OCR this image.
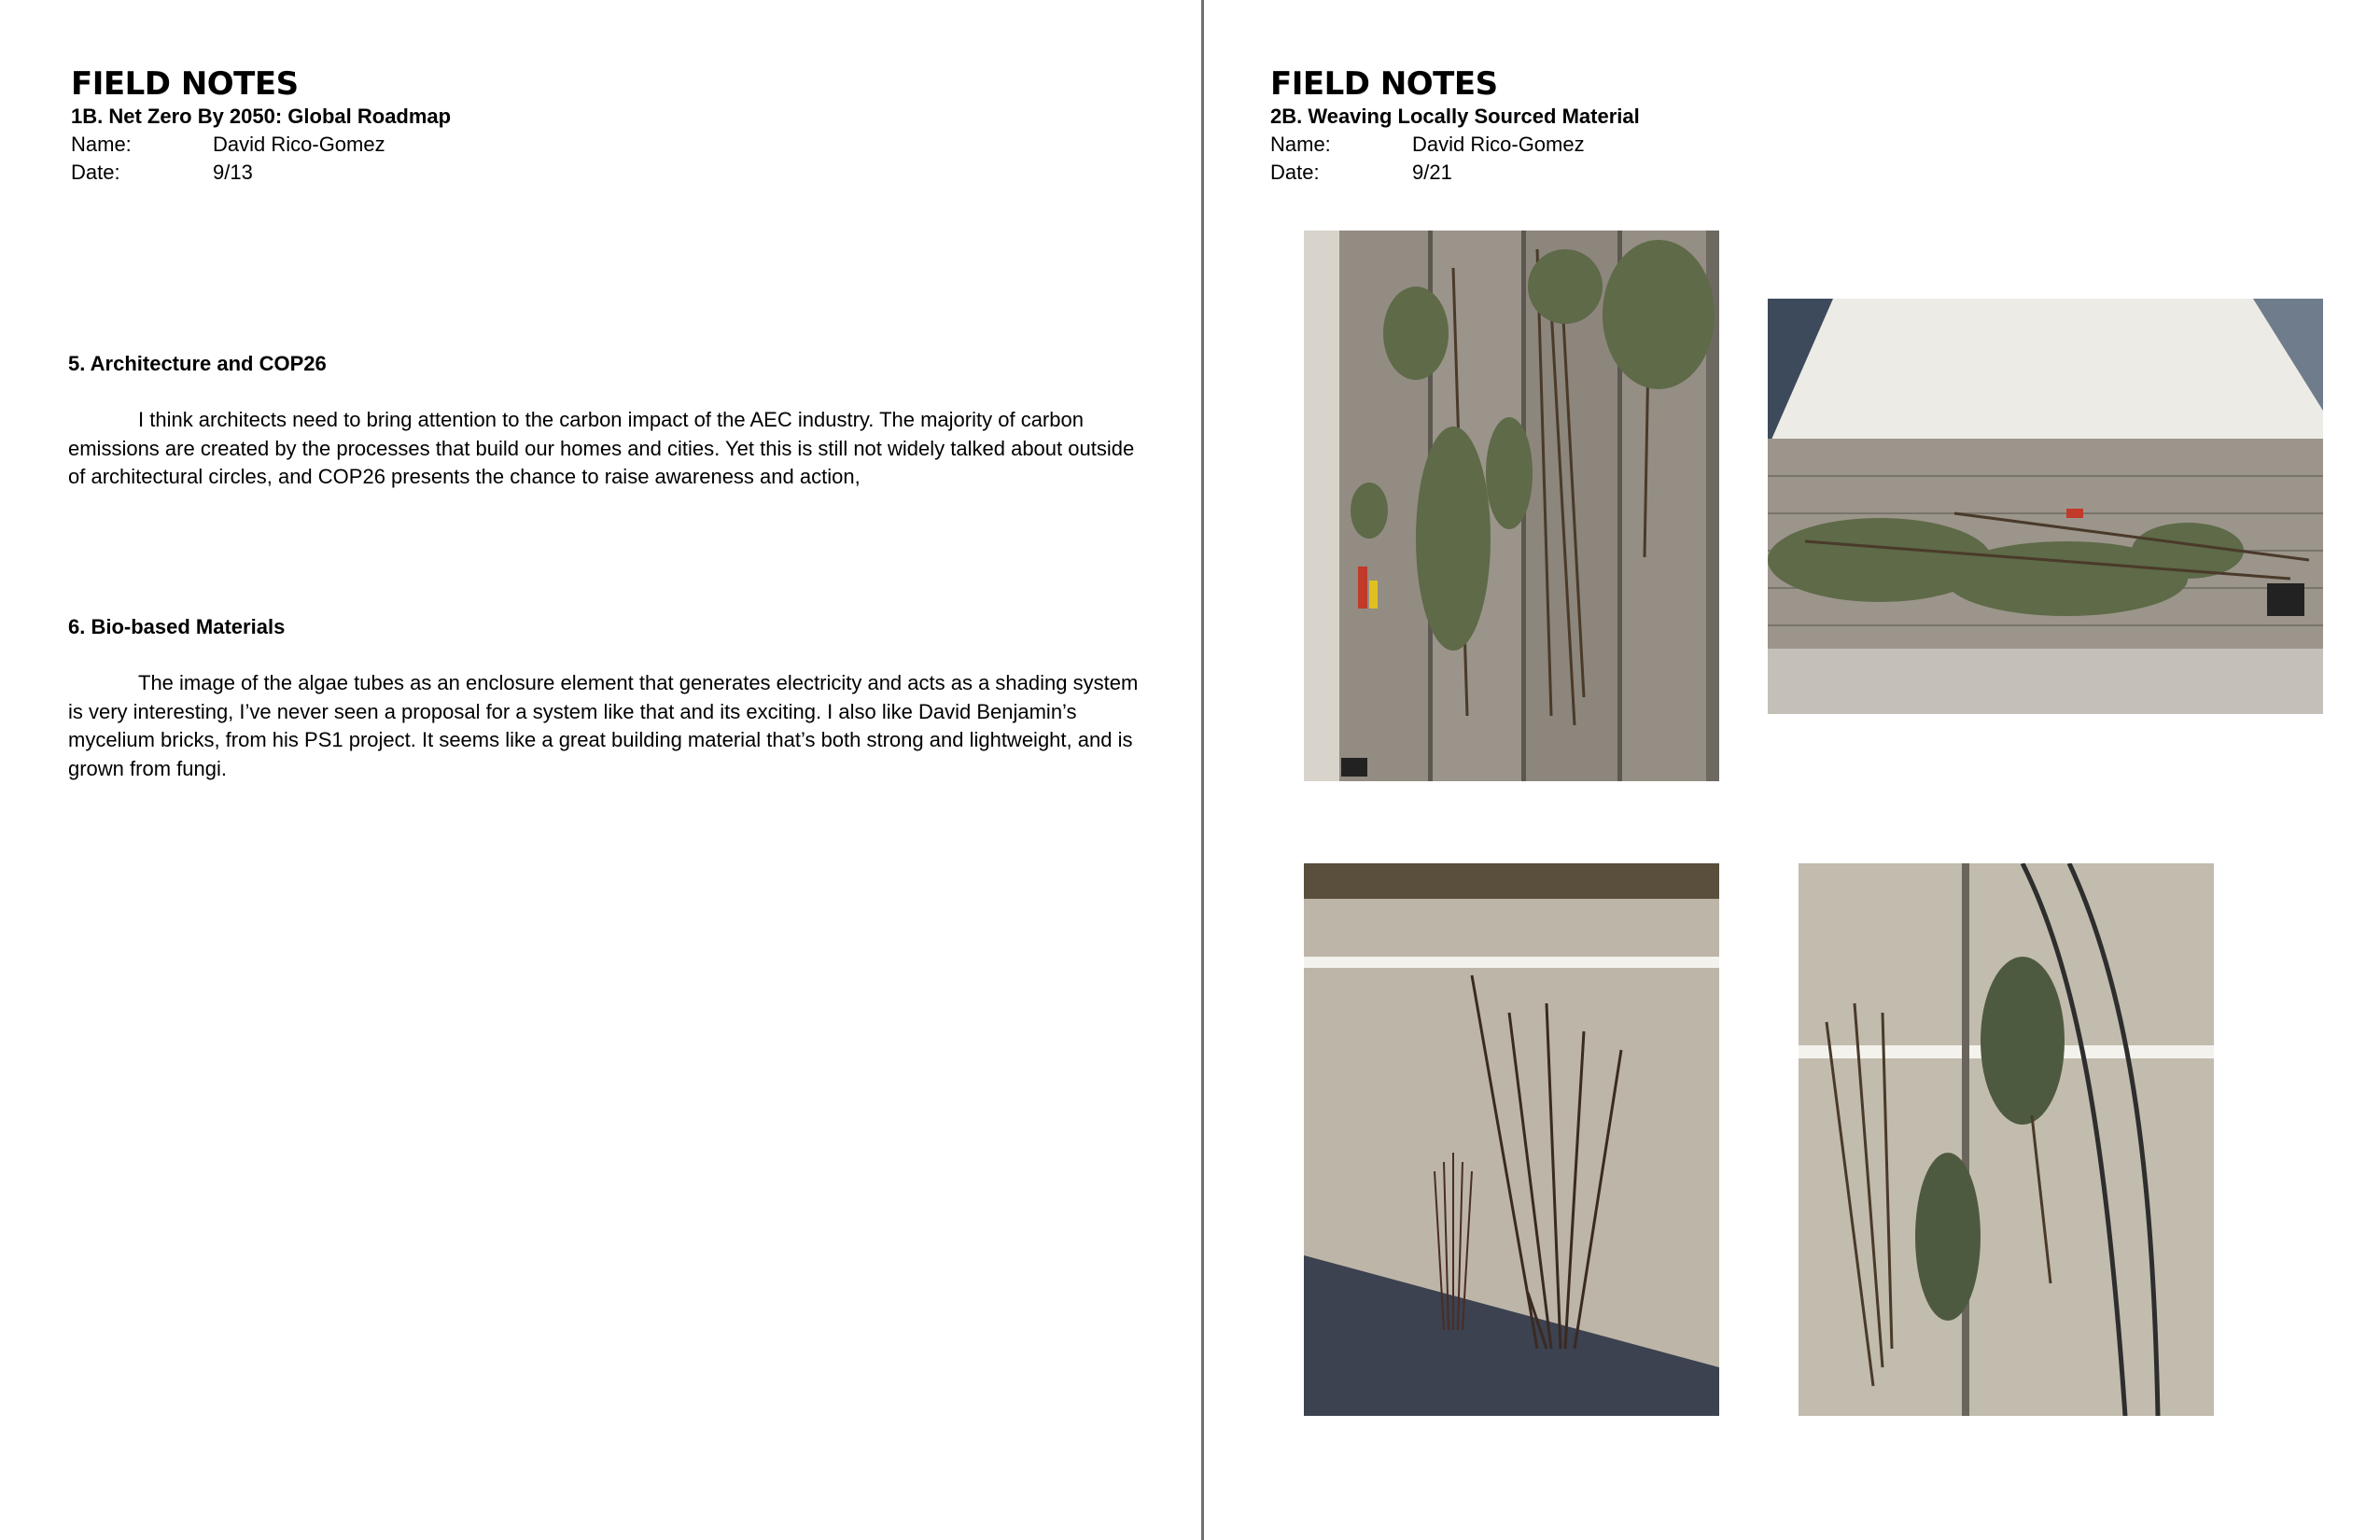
FIELD NOTES
1B. Net Zero By 2050: Global Roadmap
Name:	David Rico-Gomez
Date:	9/13
5. Architecture and COP26
I think architects need to bring attention to the carbon impact of the AEC industry. The majority of carbon emissions are created by the processes that build our homes and cities. Yet this is still not widely talked about outside of architectural circles, and COP26 presents the chance to raise awareness and action,
6. Bio-based Materials
The image of the algae tubes as an enclosure element that generates electricity and acts as a shading system is very interesting, I’ve never seen a proposal for a system like that and its exciting. I also like David Benjamin’s mycelium bricks, from his PS1 project. It seems like a great building material that’s both strong and lightweight, and is grown from fungi.
FIELD NOTES
2B. Weaving Locally Sourced Material
Name:	David Rico-Gomez
Date:	9/21
